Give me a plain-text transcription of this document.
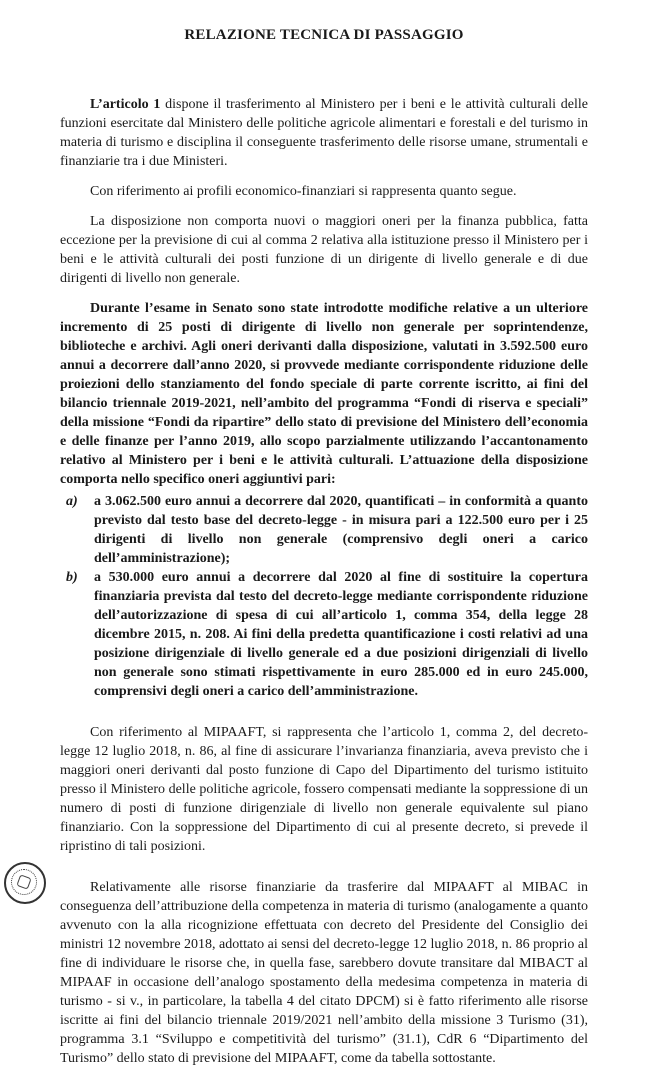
RELAZIONE TECNICA DI PASSAGGIO

L’articolo 1 dispone il trasferimento al Ministero per i beni e le attività culturali delle funzioni esercitate dal Ministero delle politiche agricole alimentari e forestali e del turismo in materia di turismo e disciplina il conseguente trasferimento delle risorse umane, strumentali e finanziarie tra i due Ministeri.

Con riferimento ai profili economico-finanziari si rappresenta quanto segue.

La disposizione non comporta nuovi o maggiori oneri per la finanza pubblica, fatta eccezione per la previsione di cui al comma 2 relativa alla istituzione presso il Ministero per i beni e le attività culturali dei posti funzione di un dirigente di livello generale e di due dirigenti di livello non generale.

Durante l’esame in Senato sono state introdotte modifiche relative a un ulteriore incremento di 25 posti di dirigente di livello non generale per soprintendenze, biblioteche e archivi. Agli oneri derivanti dalla disposizione, valutati in 3.592.500 euro annui a decorrere dall’anno 2020, si provvede mediante corrispondente riduzione delle proiezioni dello stanziamento del fondo speciale di parte corrente iscritto, ai fini del bilancio triennale 2019-2021, nell’ambito del programma “Fondi di riserva e speciali” della missione “Fondi da ripartire” dello stato di previsione del Ministero dell’economia e delle finanze per l’anno 2019, allo scopo parzialmente utilizzando l’accantonamento relativo al Ministero per i beni e le attività culturali. L’attuazione della disposizione comporta nello specifico oneri aggiuntivi pari:

a) a 3.062.500 euro annui a decorrere dal 2020, quantificati – in conformità a quanto previsto dal testo base del decreto-legge - in misura pari a 122.500 euro per i 25 dirigenti di livello non generale (comprensivo degli oneri a carico dell’amministrazione);
b) a 530.000 euro annui a decorrere dal 2020 al fine di sostituire la copertura finanziaria prevista dal testo del decreto-legge mediante corrispondente riduzione dell’autorizzazione di spesa di cui all’articolo 1, comma 354, della legge 28 dicembre 2015, n. 208. Ai fini della predetta quantificazione i costi relativi ad una posizione dirigenziale di livello generale ed a due posizioni dirigenziali di livello non generale sono stimati rispettivamente in euro 285.000 ed in euro 245.000, comprensivi degli oneri a carico dell’amministrazione.

Con riferimento al MIPAAFT, si rappresenta che l’articolo 1, comma 2, del decreto-legge 12 luglio 2018, n. 86, al fine di assicurare l’invarianza finanziaria, aveva previsto che i maggiori oneri derivanti dal posto funzione di Capo del Dipartimento del turismo istituito presso il Ministero delle politiche agricole, fossero compensati mediante la soppressione di un numero di posti di funzione dirigenziale di livello non generale equivalente sul piano finanziario. Con la soppressione del Dipartimento di cui al presente decreto, si prevede il ripristino di tali posizioni.

Relativamente alle risorse finanziarie da trasferire dal MIPAAFT al MIBAC in conseguenza dell’attribuzione della competenza in materia di turismo (analogamente a quanto avvenuto con la alla ricognizione effettuata con decreto del Presidente del Consiglio dei ministri 12 novembre 2018, adottato ai sensi del decreto-legge 12 luglio 2018, n. 86 proprio al fine di individuare le risorse che, in quella fase, sarebbero dovute transitare dal MIBACT al MIPAAF in occasione dell’analogo spostamento della medesima competenza in materia di turismo - si v., in particolare, la tabella 4 del citato DPCM) si è fatto riferimento alle risorse iscritte ai fini del bilancio triennale 2019/2021 nell’ambito della missione 3 Turismo (31), programma 3.1 “Sviluppo e competitività del turismo” (31.1), CdR 6 “Dipartimento del Turismo” dello stato di previsione del MIPAAFT, come da tabella sottostante.
